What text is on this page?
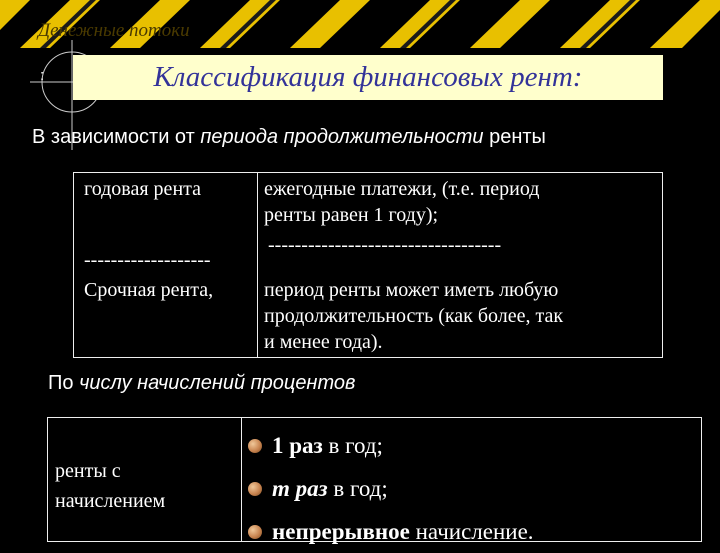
Денежные потоки
:	Классификация финансовых рент:
В зависимости от периода продолжительности ренты
годовая рента
-------------------
Срочная рента,
ежегодные платежи, (т.е. период
ренты равен 1 году);
-----------------------------------
период ренты может иметь любую
продолжительность (как более, так
и менее года).
По числу начислений процентов
ренты с
начислением
1 раз в год;
m раз в год;
непрерывное начисление.
